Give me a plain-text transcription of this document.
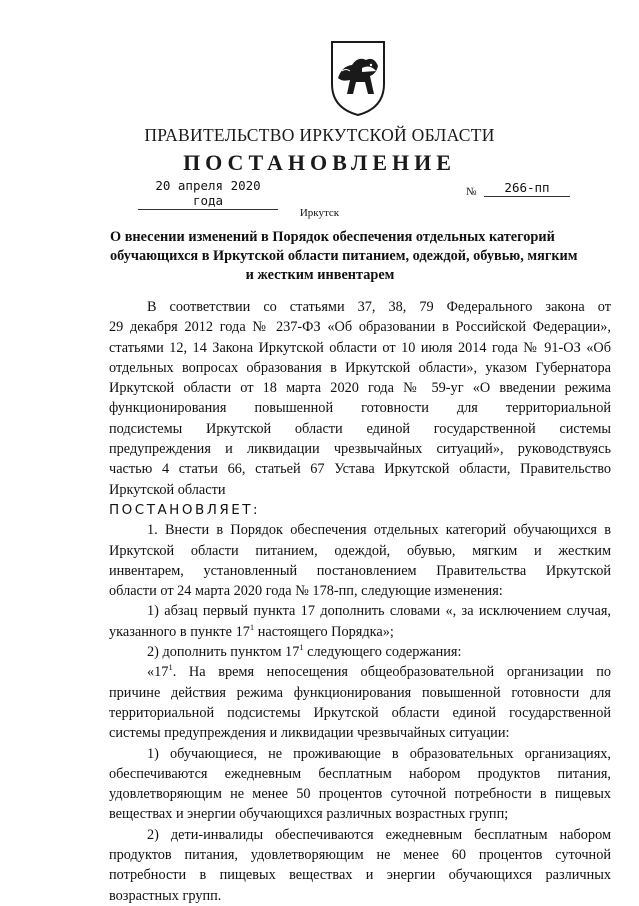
ПРАВИТЕЛЬСТВО ИРКУТСКОЙ ОБЛАСТИ
ПОСТАНОВЛЕНИЕ
20 апреля 2020 года
№	266-пп
Иркутск
О внесении изменений в Порядок обеспечения отдельных категорий
обучающихся в Иркутской области питанием, одеждой, обувью, мягким
и жестким инвентарем

В соответствии со статьями 37, 38, 79 Федерального закона от

29 декабря 2012 года № 237-ФЗ «Об образовании в Российской Федерации»,

статьями 12, 14 Закона Иркутской области от 10 июля 2014 года № 91-ОЗ «Об

отдельных вопросах образования в Иркутской области», указом Губернатора

Иркутской области от 18 марта 2020 года № 59-уг «О введении режима

функционирования повышенной готовности для территориальной

подсистемы Иркутской области единой государственной системы

предупреждения и ликвидации чрезвычайных ситуаций», руководствуясь

частью 4 статьи 66, статьей 67 Устава Иркутской области, Правительство

Иркутской области

ПОСТАНОВЛЯЕТ:

1. Внести в Порядок обеспечения отдельных категорий обучающихся в

Иркутской области питанием, одеждой, обувью, мягким и жестким

инвентарем, установленный постановлением Правительства Иркутской

области от 24 марта 2020 года № 178-пп, следующие изменения:

1) абзац первый пункта 17 дополнить словами «, за исключением случая,

указанного в пункте $17^1$ настоящего Порядка»;

2) дополнить пунктом $17^1$ следующего содержания:

«$17^1$. На время непосещения общеобразовательной организации по

причине действия режима функционирования повышенной готовности для

территориальной подсистемы Иркутской области единой государственной

системы предупреждения и ликвидации чрезвычайных ситуации:

1) обучающиеся, не проживающие в образовательных организациях,

обеспечиваются ежедневным бесплатным набором продуктов питания,

удовлетворяющим не менее 50 процентов суточной потребности в пищевых

веществах и энергии обучающихся различных возрастных групп;

2) дети-инвалиды обеспечиваются ежедневным бесплатным набором

продуктов питания, удовлетворяющим не менее 60 процентов суточной

потребности в пищевых веществах и энергии обучающихся различных

возрастных групп.
